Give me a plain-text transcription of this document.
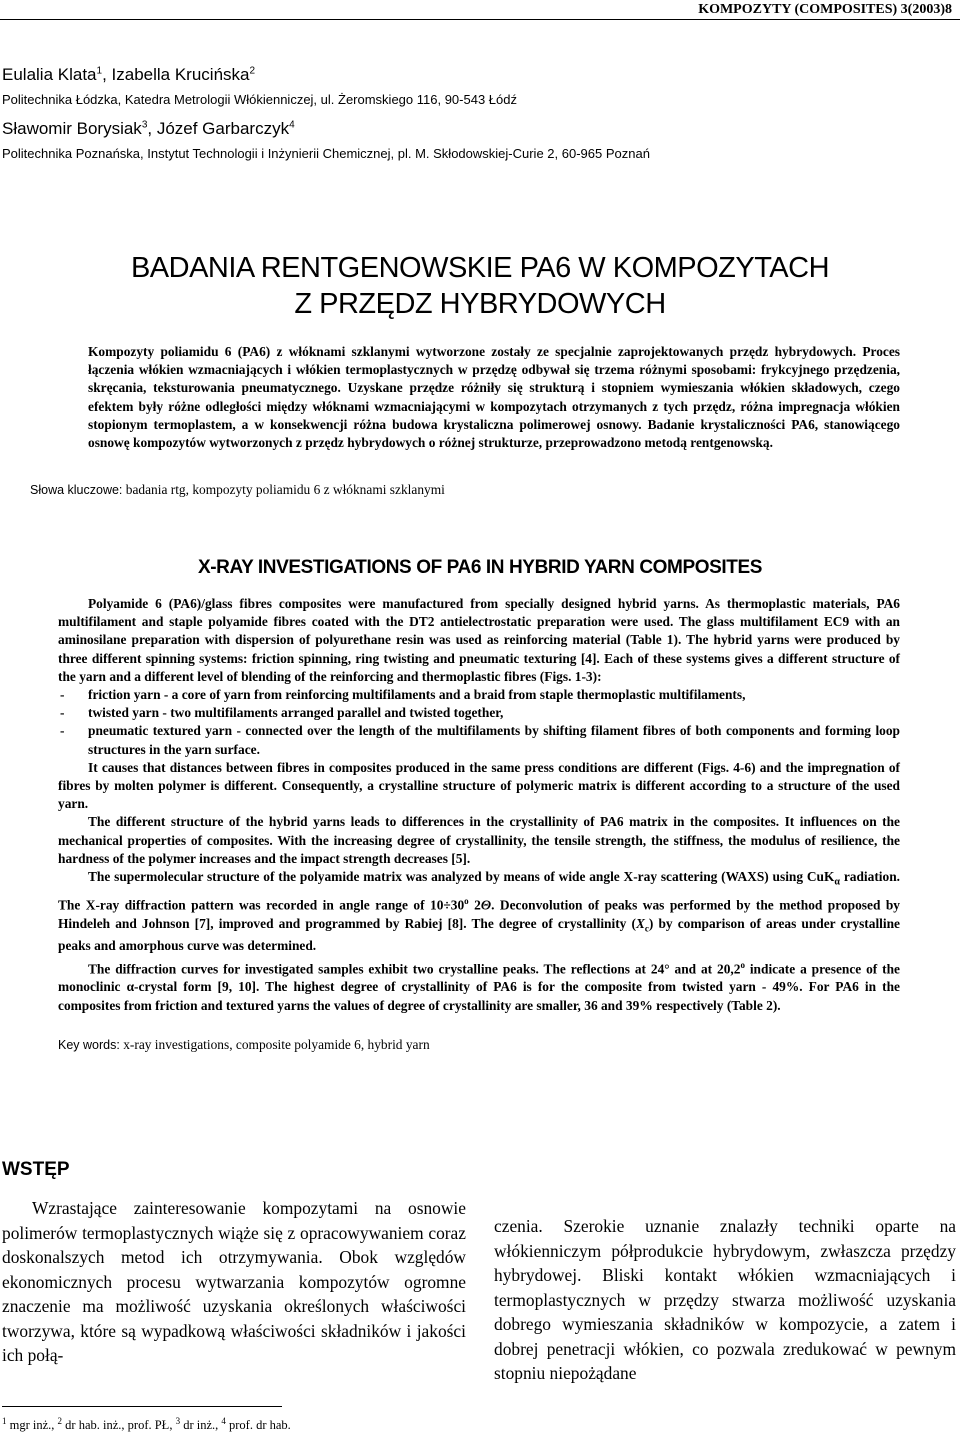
KOMPOZYTY (COMPOSITES) 3(2003)8

Eulalia Klata$^1$, Izabella Krucińska$^2$

Politechnika Łódzka, Katedra Metrologii Włókienniczej, ul. Żeromskiego 116, 90-543 Łódź

Sławomir Borysiak$^3$, Józef Garbarczyk$^4$

Politechnika Poznańska, Instytut Technologii i Inżynierii Chemicznej, pl. M. Skłodowskiej-Curie 2, 60-965 Poznań

BADANIA RENTGENOWSKIE PA6 W KOMPOZYTACH
Z PRZĘDZ HYBRYDOWYCH

Kompozyty poliamidu 6 (PA6) z włóknami szklanymi wytworzone zostały ze specjalnie zaprojektowanych przędz hybrydowych. Proces łączenia włókien wzmacniających i włókien termoplastycznych w przędzę odbywał się trzema różnymi sposobami: frykcyjnego przędzenia, skręcania, teksturowania pneumatycznego. Uzyskane przędze różniły się strukturą i stopniem wymieszania włókien składowych, czego efektem były różne odległości między włóknami wzmacniającymi w kompozytach otrzymanych z tych przędz, różna impregnacja włókien stopionym termoplastem, a w konsekwencji różna budowa krystaliczna polimerowej osnowy. Badanie krystaliczności PA6, stanowiącego osnowę kompozytów wytworzonych z przędz hybrydowych o różnej strukturze, przeprowadzono metodą rentgenowską.

Słowa kluczowe: badania rtg, kompozyty poliamidu 6 z włóknami szklanymi
X-RAY INVESTIGATIONS OF PA6 IN HYBRID YARN COMPOSITES

Polyamide 6 (PA6)/glass fibres composites were manufactured from specially designed hybrid yarns. As thermoplastic materials, PA6 multifilament and staple polyamide fibres coated with the DT2 antielectrostatic preparation were used. The glass multifilament EC9 with an aminosilane preparation with dispersion of polyurethane resin was used as reinforcing material (Table 1). The hybrid yarns were produced by three different spinning systems: friction spinning, ring twisting and pneumatic texturing [4]. Each of these systems gives a different structure of the yarn and a different level of blending of the reinforcing and thermoplastic fibres (Figs. 1-3):

- friction yarn - a core of yarn from reinforcing multifilaments and a braid from staple thermoplastic multifilaments,
- twisted yarn - two multifilaments arranged parallel and twisted together,
- pneumatic textured yarn - connected over the length of the multifilaments by shifting filament fibres of both components and forming loop structures in the yarn surface.

It causes that distances between fibres in composites produced in the same press conditions are different (Figs. 4-6) and the impregnation of fibres by molten polymer is different. Consequently, a crystalline structure of polymeric matrix is different according to a structure of the used yarn.

The different structure of the hybrid yarns leads to differences in the crystallinity of PA6 matrix in the composites. It influences on the mechanical properties of composites. With the increasing degree of crystallinity, the tensile strength, the stiffness, the modulus of resilience, the hardness of the polymer increases and the impact strength decreases [5].

The supermolecular structure of the polyamide matrix was analyzed by means of wide angle X-ray scattering (WAXS) using CuK$_\alpha$ radiation. The X-ray diffraction pattern was recorded in angle range of $10\div 30^o$ 2Θ. Deconvolution of peaks was performed by the method proposed by Hindeleh and Johnson [7], improved and programmed by Rabiej [8]. The degree of crystallinity $(X_c)$ by comparison of areas under crystalline peaks and amorphous curve was determined.

The diffraction curves for investigated samples exhibit two crystalline peaks. The reflections at 24° and at 20,2$^o$ indicate a presence of the monoclinic α-crystal form [9, 10]. The highest degree of crystallinity of PA6 is for the composite from twisted yarn - 49%. For PA6 in the composites from friction and textured yarns the values of degree of crystallinity are smaller, 36 and 39% respectively (Table 2).

Key words: x-ray investigations, composite polyamide 6, hybrid yarn
WSTĘP

Wzrastające zainteresowanie kompozytami na osnowie polimerów termoplastycznych wiąże się z opracowywaniem coraz doskonalszych metod ich otrzymywania. Obok względów ekonomicznych procesu wytwarzania kompozytów ogromne znaczenie ma możliwość uzyskania określonych właściwości tworzywa, które są wypadkową właściwości składników i jakości ich połą-

czenia. Szerokie uznanie znalazły techniki oparte na włókienniczym półprodukcie hybrydowym, zwłaszcza przędzy hybrydowej. Bliski kontakt włókien wzmacniających i termoplastycznych w przędzy stwarza możliwość uzyskania dobrego wymieszania składników w kompozycie, a zatem i dobrej penetracji włókien, co pozwala zredukować w pewnym stopniu niepożądane

$^1$ mgr inż., $^2$ dr hab. inż., prof. PŁ, $^3$ dr inż., $^4$ prof. dr hab.
